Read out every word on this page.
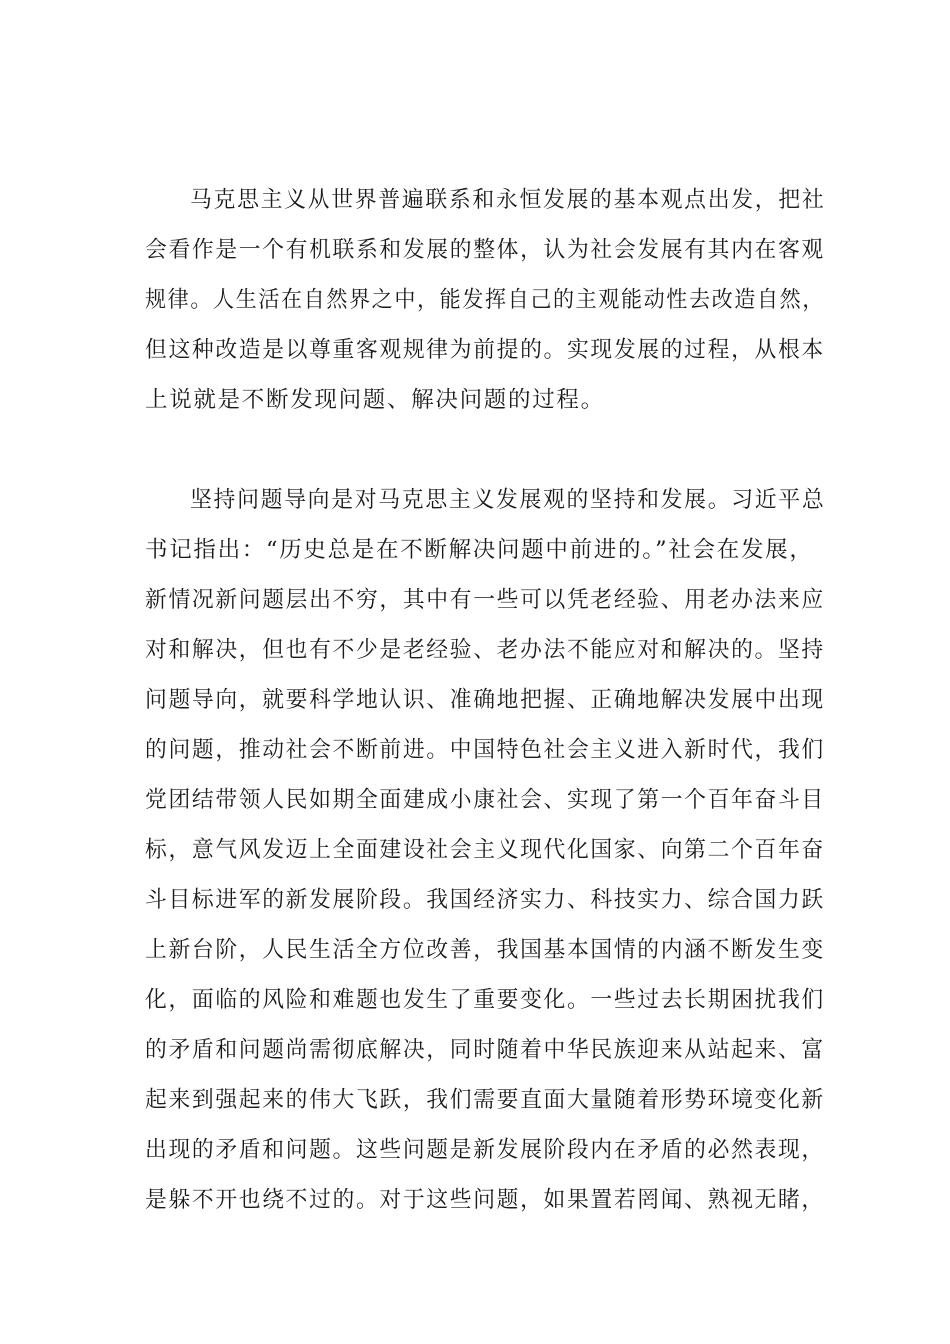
马克思主义从世界普遍联系和永恒发展的基本观点出发，把社
会看作是一个有机联系和发展的整体，认为社会发展有其内在客观
规律。人生活在自然界之中，能发挥自己的主观能动性去改造自然，
但这种改造是以尊重客观规律为前提的。实现发展的过程，从根本
上说就是不断发现问题、解决问题的过程。
坚持问题导向是对马克思主义发展观的坚持和发展。习近平总
书记指出：“历史总是在不断解决问题中前进的。”社会在发展，
新情况新问题层出不穷，其中有一些可以凭老经验、用老办法来应
对和解决，但也有不少是老经验、老办法不能应对和解决的。坚持
问题导向，就要科学地认识、准确地把握、正确地解决发展中出现
的问题，推动社会不断前进。中国特色社会主义进入新时代，我们
党团结带领人民如期全面建成小康社会、实现了第一个百年奋斗目
标，意气风发迈上全面建设社会主义现代化国家、向第二个百年奋
斗目标进军的新发展阶段。我国经济实力、科技实力、综合国力跃
上新台阶，人民生活全方位改善，我国基本国情的内涵不断发生变
化，面临的风险和难题也发生了重要变化。一些过去长期困扰我们
的矛盾和问题尚需彻底解决，同时随着中华民族迎来从站起来、富
起来到强起来的伟大飞跃，我们需要直面大量随着形势环境变化新
出现的矛盾和问题。这些问题是新发展阶段内在矛盾的必然表现，
是躲不开也绕不过的。对于这些问题，如果置若罔闻、熟视无睹，
